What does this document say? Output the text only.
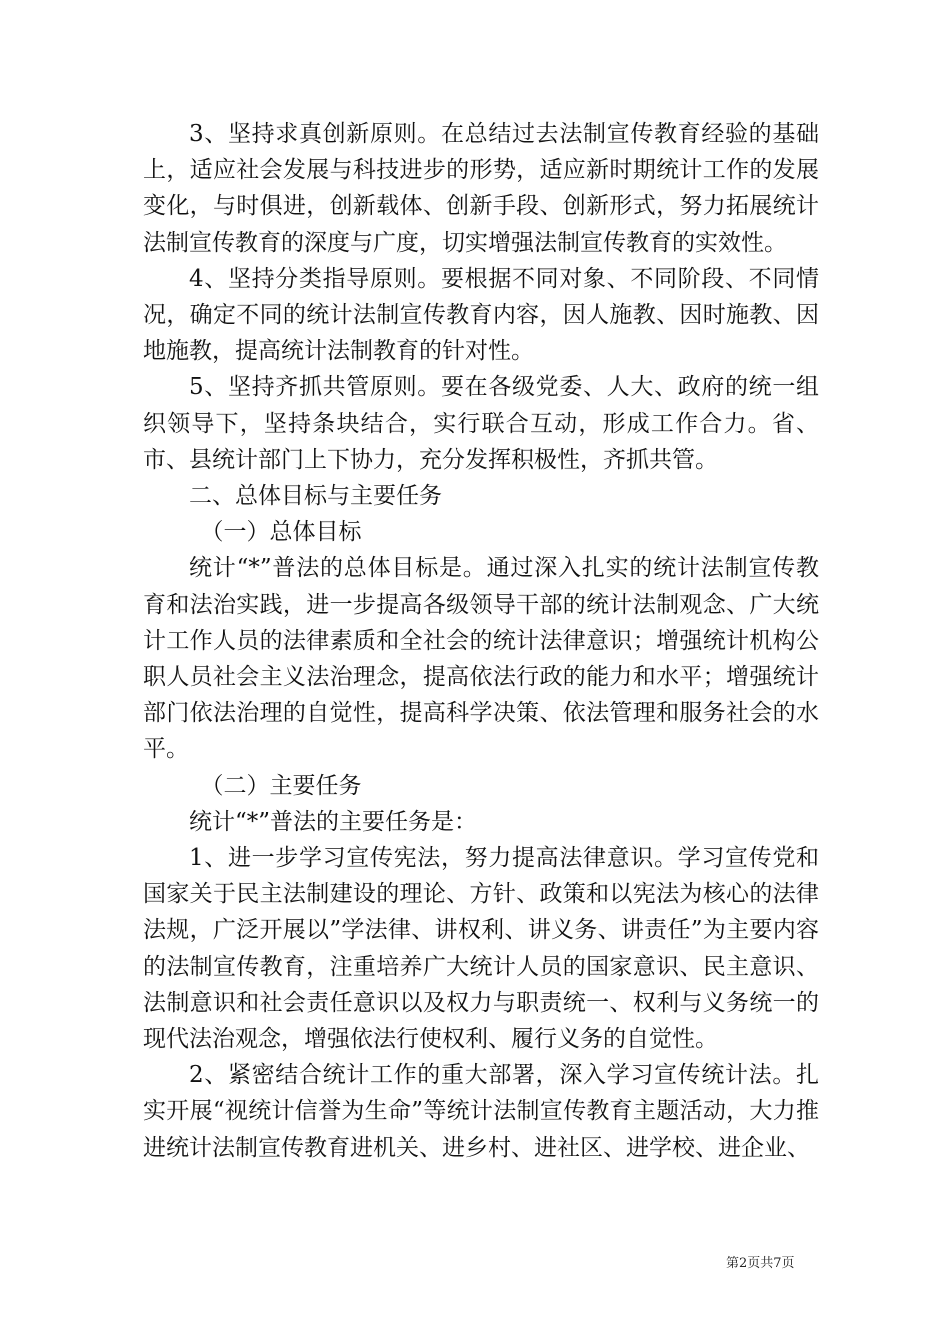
3、坚持求真创新原则。在总结过去法制宣传教育经验的基础上，适应社会发展与科技进步的形势，适应新时期统计工作的发展变化，与时俱进，创新载体、创新手段、创新形式，努力拓展统计法制宣传教育的深度与广度，切实增强法制宣传教育的实效性。

4、坚持分类指导原则。要根据不同对象、不同阶段、不同情况，确定不同的统计法制宣传教育内容，因人施教、因时施教、因地施教，提高统计法制教育的针对性。

5、坚持齐抓共管原则。要在各级党委、人大、政府的统一组织领导下，坚持条块结合，实行联合互动，形成工作合力。省、市、县统计部门上下协力，充分发挥积极性，齐抓共管。

二、总体目标与主要任务

（一）总体目标

统计“*”普法的总体目标是。通过深入扎实的统计法制宣传教育和法治实践，进一步提高各级领导干部的统计法制观念、广大统计工作人员的法律素质和全社会的统计法律意识；增强统计机构公职人员社会主义法治理念，提高依法行政的能力和水平；增强统计部门依法治理的自觉性，提高科学决策、依法管理和服务社会的水平。

（二）主要任务

统计“*”普法的主要任务是：

1、进一步学习宣传宪法，努力提高法律意识。学习宣传党和国家关于民主法制建设的理论、方针、政策和以宪法为核心的法律法规，广泛开展以”学法律、讲权利、讲义务、讲责任”为主要内容的法制宣传教育，注重培养广大统计人员的国家意识、民主意识、法制意识和社会责任意识以及权力与职责统一、权利与义务统一的现代法治观念，增强依法行使权利、履行义务的自觉性。

2、紧密结合统计工作的重大部署，深入学习宣传统计法。扎实开展“视统计信誉为生命”等统计法制宣传教育主题活动，大力推进统计法制宣传教育进机关、进乡村、进社区、进学校、进企业、

第2页共7页
